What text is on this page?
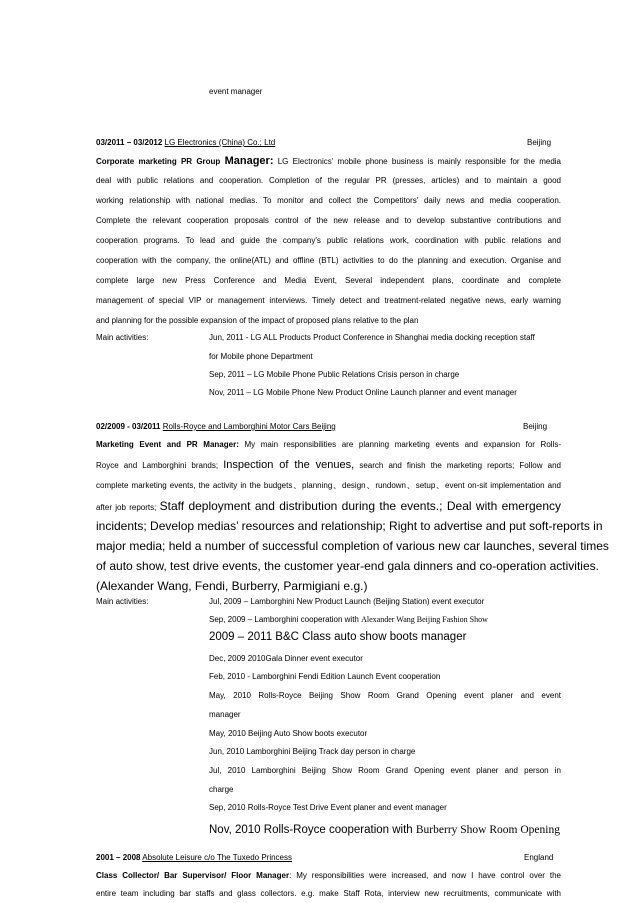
event manager
03/2011 – 03/2012 LG Electronics (China) Co.; Ltd	Beijing
Corporate marketing PR Group Manager: LG Electronics' mobile phone business is mainly responsible for the media
deal with public relations and cooperation. Completion of the regular PR (presses, articles) and to maintain a good
working relationship with national medias. To monitor and collect the Competitors' daily news and media cooperation.
Complete the relevant cooperation proposals control of the new release and to develop substantive contributions and
cooperation programs. To lead and guide the company's public relations work, coordination with public relations and
cooperation with the company, the online(ATL) and offline (BTL) activities to do the planning and execution. Organise and
complete large new Press Conference and Media Event, Several independent plans, coordinate and complete
management of special VIP or management interviews. Timely detect and treatment-related negative news, early warning
and planning for the possible expansion of the impact of proposed plans relative to the plan
Main activities:	Jun, 2011 - LG ALL Products Product Conference in Shanghai media docking reception staff
for Mobile phone Department
Sep, 2011 – LG Mobile Phone Public Relations Crisis person in charge
Nov, 2011 – LG Mobile Phone New Product Online Launch planner and event manager
02/2009 - 03/2011 Rolls-Royce and Lamborghini Motor Cars Beijing	Beijing
Marketing Event and PR Manager: My main responsibilities are planning marketing events and expansion for Rolls-
Royce and Lamborghini brands; Inspection of the venues, search and finish the marketing reports; Follow and
complete marketing events, the activity in the budgets、planning、design、rundown、setup、event on-sit implementation and
after job reports; Staff deployment and distribution during the events.; Deal with emergency
incidents; Develop medias’ resources and relationship; Right to advertise and put soft-reports in
major media; held a number of successful completion of various new car launches, several times
of auto show, test drive events, the customer year-end gala dinners and co-operation activities.
(Alexander Wang, Fendi, Burberry, Parmigiani e.g.)
Main activities:	Jul, 2009 – Lamborghini New Product Launch (Beijing Station) event executor
Sep, 2009 – Lamborghini cooperation with Alexander Wang Beijing Fashion Show
2009 – 2011 B&C Class auto show boots manager
Dec, 2009 2010Gala Dinner event executor
Feb, 2010 - Lamborghini Fendi Edition Launch Event cooperation
May, 2010 Rolls-Royce Beijing Show Room Grand Opening event planer and event
manager
May, 2010 Beijing Auto Show boots executor
Jun, 2010 Lamborghini Beijing Track day person in charge
Jul, 2010 Lamborghini Beijing Show Room Grand Opening event planer and person in
charge
Sep, 2010 Rolls-Royce Test Drive Event planer and event manager
Nov, 2010 Rolls-Royce cooperation with Burberry Show Room Opening
2001 – 2008 Absolute Leisure c/o The Tuxedo Princess	England
Class Collector/ Bar Supervisor/ Floor Manager: My responsibilities were increased, and now I have control over the
entire team including bar staffs and glass collectors. e.g. make Staff Rota, interview new recruitments, communicate with
